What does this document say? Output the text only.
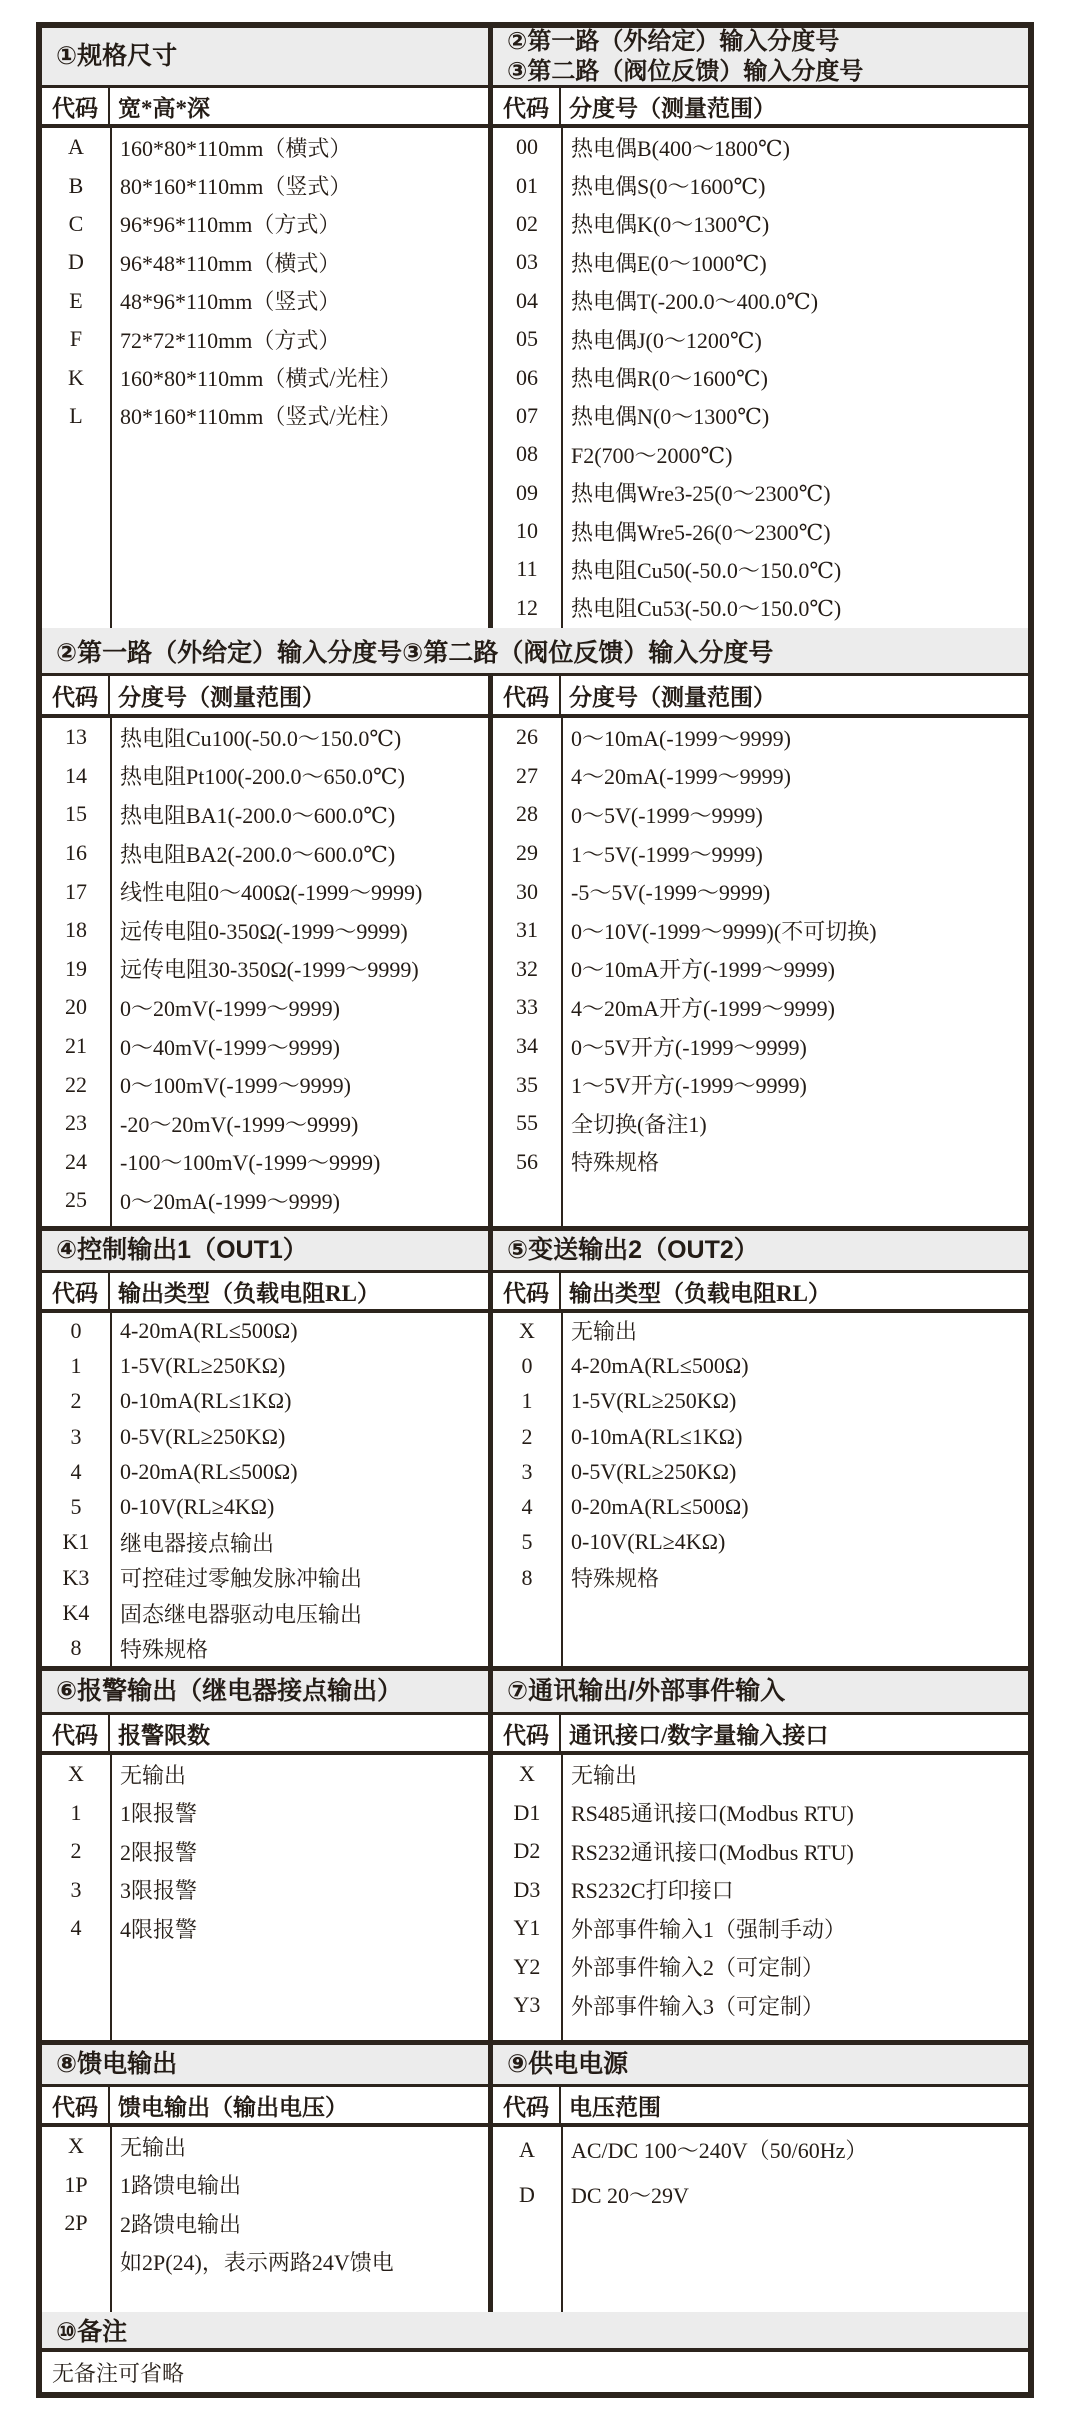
①规格尺寸
代码 宽*高*深
A	160*80*110mm（横式）
B	80*160*110mm（竖式）
C	96*96*110mm（方式）
D	96*48*110mm（横式）
E	48*96*110mm（竖式）
F	72*72*110mm（方式）
K	160*80*110mm（横式/光柱）
L	80*160*110mm（竖式/光柱）
②第一路（外给定）输入分度号
③第二路（阀位反馈）输入分度号
代码 分度号（测量范围）
00	热电偶B(400～1800℃)
01	热电偶S(0～1600℃)
02	热电偶K(0～1300℃)
03	热电偶E(0～1000℃)
04	热电偶T(-200.0～400.0℃)
05	热电偶J(0～1200℃)
06	热电偶R(0～1600℃)
07	热电偶N(0～1300℃)
08	F2(700～2000℃)
09	热电偶Wre3-25(0～2300℃)
10	热电偶Wre5-26(0～2300℃)
11	热电阻Cu50(-50.0～150.0℃)
12	热电阻Cu53(-50.0～150.0℃)
②第一路（外给定）输入分度号③第二路（阀位反馈）输入分度号
代码 分度号（测量范围）
13	热电阻Cu100(-50.0～150.0℃)
14	热电阻Pt100(-200.0～650.0℃)
15	热电阻BA1(-200.0～600.0℃)
16	热电阻BA2(-200.0～600.0℃)
17	线性电阻0～400Ω(-1999～9999)
18	远传电阻0-350Ω(-1999～9999)
19	远传电阻30-350Ω(-1999～9999)
20	0～20mV(-1999～9999)
21	0～40mV(-1999～9999)
22	0～100mV(-1999～9999)
23	-20～20mV(-1999～9999)
24	-100～100mV(-1999～9999)
25	0～20mA(-1999～9999)
代码 分度号（测量范围）
26	0～10mA(-1999～9999)
27	4～20mA(-1999～9999)
28	0～5V(-1999～9999)
29	1～5V(-1999～9999)
30	-5～5V(-1999～9999)
31	0～10V(-1999～9999)(不可切换)
32	0～10mA开方(-1999～9999)
33	4～20mA开方(-1999～9999)
34	0～5V开方(-1999～9999)
35	1～5V开方(-1999～9999)
55	全切换(备注1)
56	特殊规格
④控制输出1（OUT1）
代码 输出类型（负载电阻RL）
0	4-20mA(RL≤500Ω)
1	1-5V(RL≥250KΩ)
2	0-10mA(RL≤1KΩ)
3	0-5V(RL≥250KΩ)
4	0-20mA(RL≤500Ω)
5	0-10V(RL≥4KΩ)
K1	继电器接点输出
K3	可控硅过零触发脉冲输出
K4	固态继电器驱动电压输出
8	特殊规格
⑤变送输出2（OUT2）
代码 输出类型（负载电阻RL）
X	无输出
0	4-20mA(RL≤500Ω)
1	1-5V(RL≥250KΩ)
2	0-10mA(RL≤1KΩ)
3	0-5V(RL≥250KΩ)
4	0-20mA(RL≤500Ω)
5	0-10V(RL≥4KΩ)
8	特殊规格
⑥报警输出（继电器接点输出）
代码 报警限数
X	无输出
1	1限报警
2	2限报警
3	3限报警
4	4限报警
⑦通讯输出/外部事件输入
代码 通讯接口/数字量输入接口
X	无输出
D1	RS485通讯接口(Modbus RTU)
D2	RS232通讯接口(Modbus RTU)
D3	RS232C打印接口
Y1	外部事件输入1（强制手动）
Y2	外部事件输入2（可定制）
Y3	外部事件输入3（可定制）
⑧馈电输出
代码 馈电输出（输出电压）
X	无输出
1P	1路馈电输出
2P	2路馈电输出
如2P(24)，表示两路24V馈电
⑨供电电源
代码 电压范围
A	AC/DC 100～240V（50/60Hz）
D	DC 20～29V
⑩备注
无备注可省略
